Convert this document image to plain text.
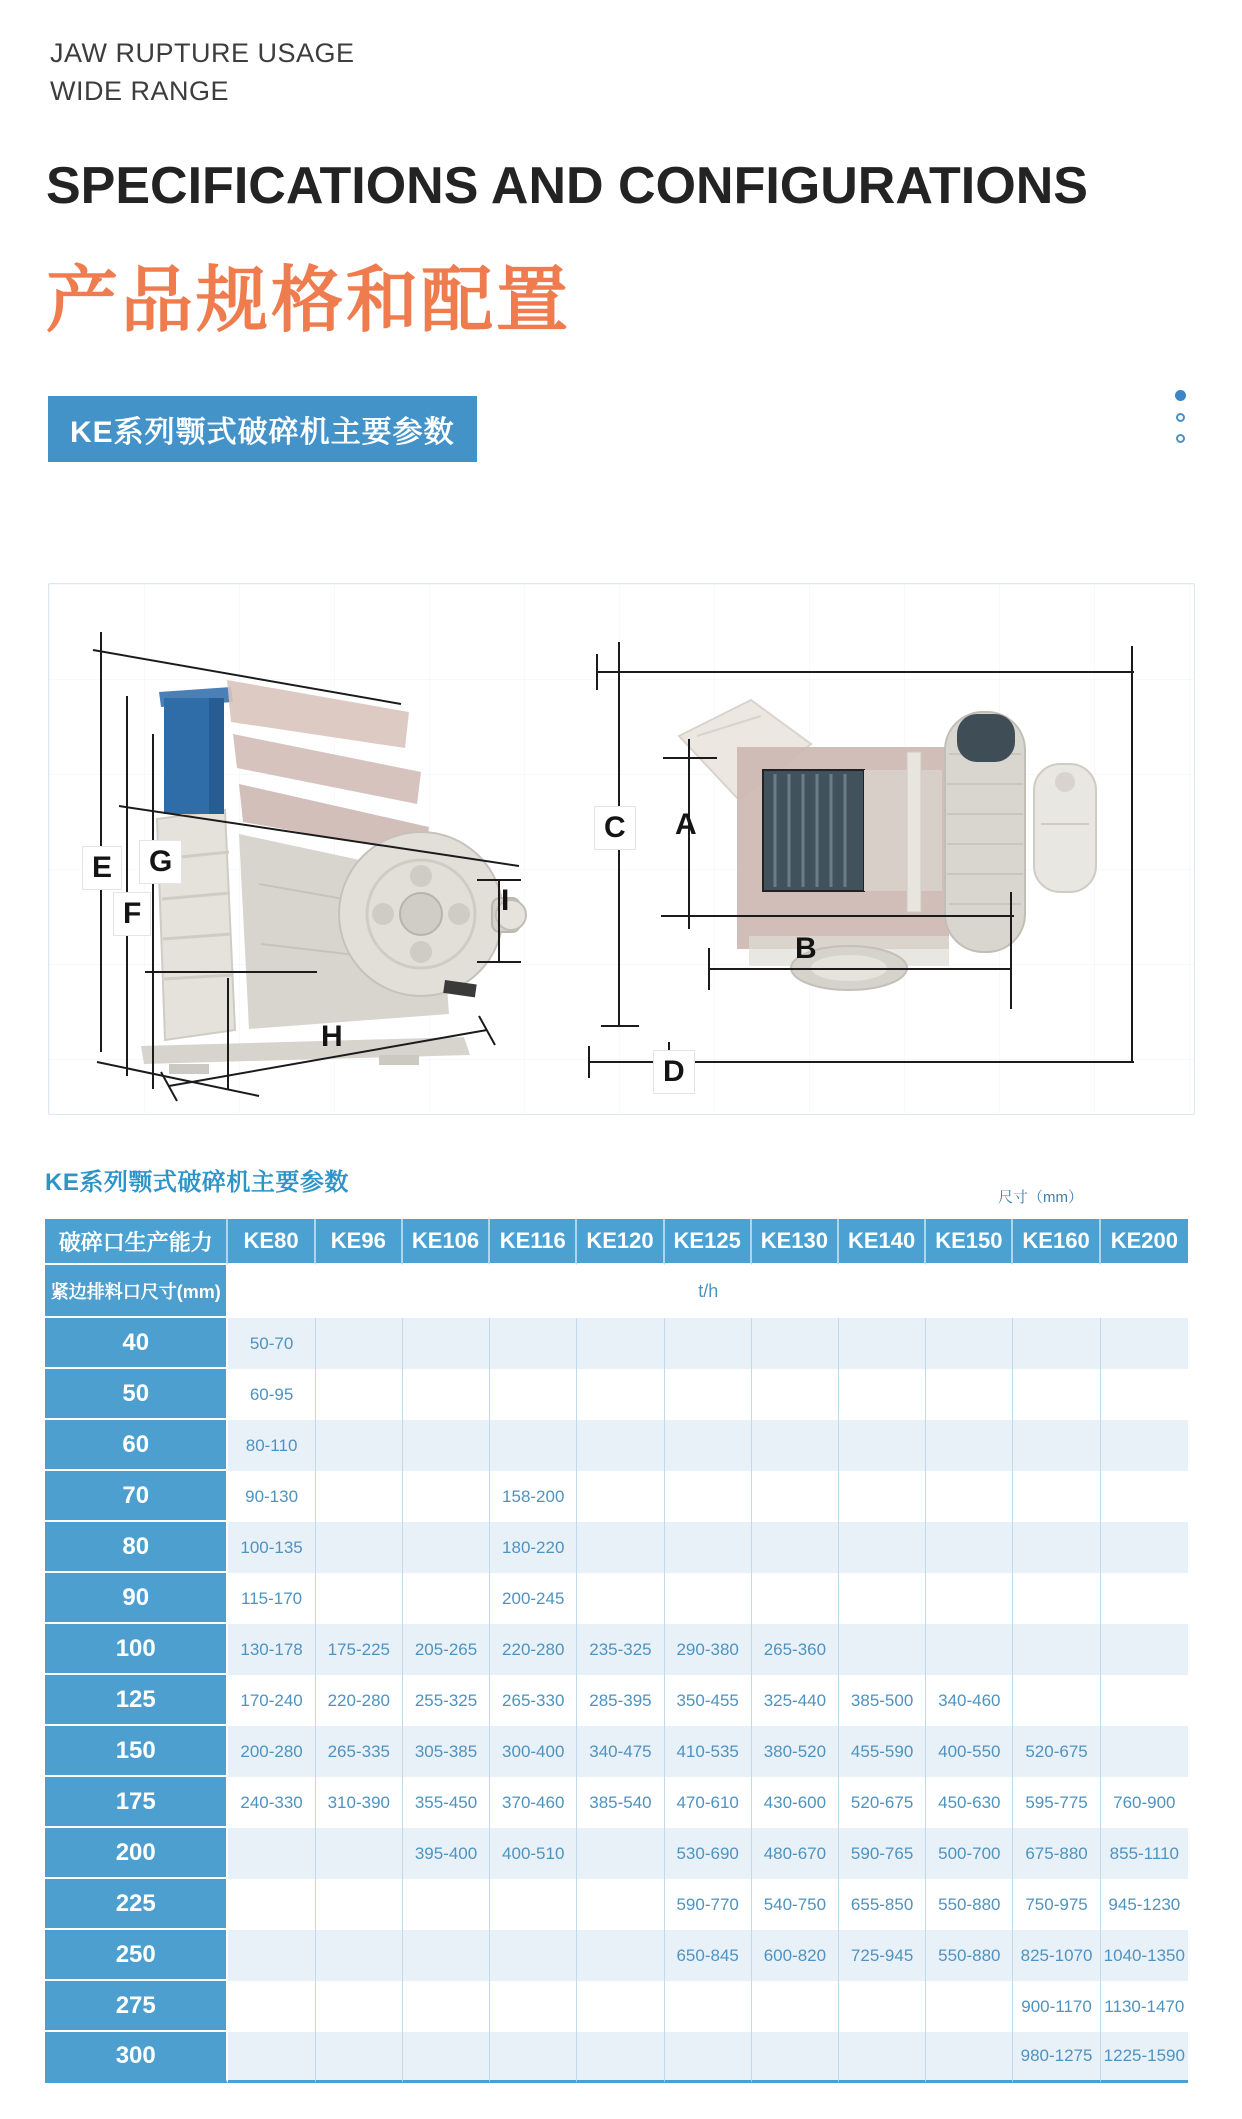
JAW RUPTURE USAGE
WIDE RANGE
SPECIFICATIONS AND CONFIGURATIONS
产品规格和配置
KE系列颚式破碎机主要参数
E
F
G
H
I
C	A
B
D
KE系列颚式破碎机主要参数
尺寸（mm）
破碎口生产能力	KE80	KE96	KE106	KE116	KE120	KE125	KE130	KE140	KE150	KE160	KE200
紧边排料口尺寸(mm)	t/h										
40	50-70										
50	60-95										
60	80-110										
70	90-130			158-200							
80	100-135			180-220							
90	115-170			200-245							
100	130-178	175-225	205-265	220-280	235-325	290-380	265-360				
125	170-240	220-280	255-325	265-330	285-395	350-455	325-440	385-500	340-460		
150	200-280	265-335	305-385	300-400	340-475	410-535	380-520	455-590	400-550	520-675	
175	240-330	310-390	355-450	370-460	385-540	470-610	430-600	520-675	450-630	595-775	760-900
200			395-400	400-510		530-690	480-670	590-765	500-700	675-880	855-1110
225						590-770	540-750	655-850	550-880	750-975	945-1230
250						650-845	600-820	725-945	550-880	825-1070	1040-1350
275										900-1170	1130-1470
300										980-1275	1225-1590
